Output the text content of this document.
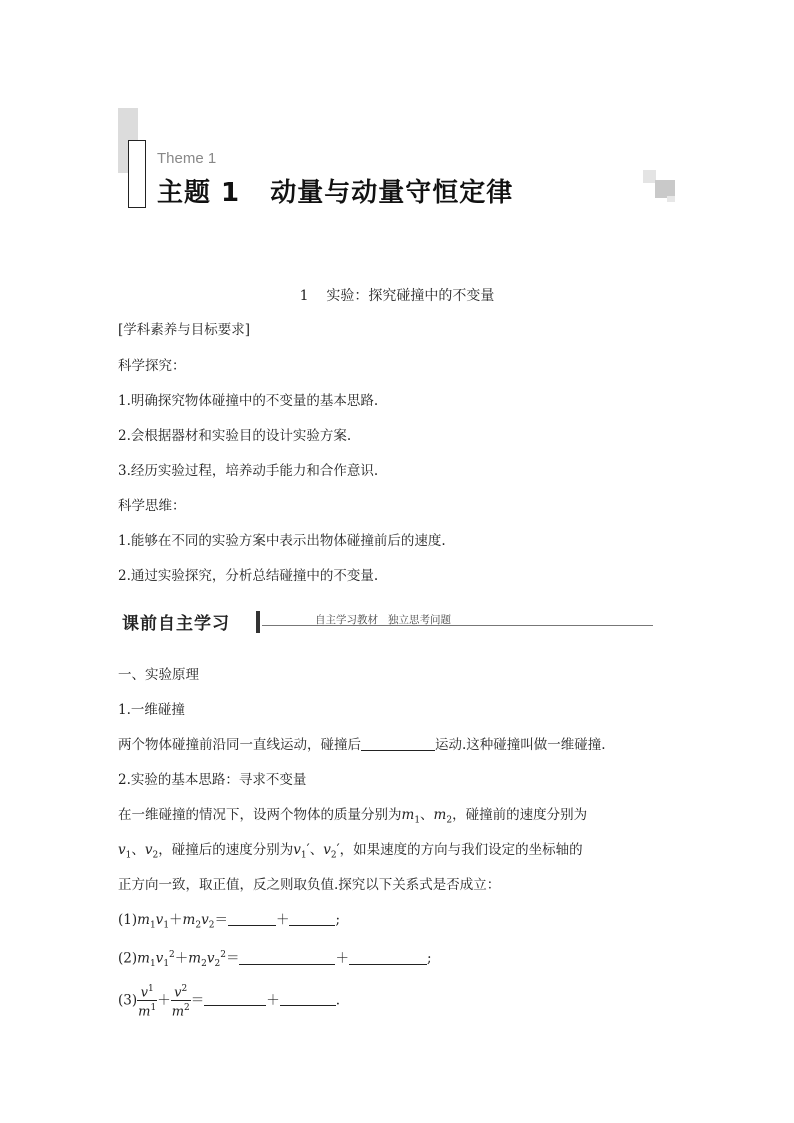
Theme 1
主题 1   动量与动量守恒定律
1    实验：探究碰撞中的不变量
[学科素养与目标要求]
科学探究：
1.明确探究物体碰撞中的不变量的基本思路.
2.会根据器材和实验目的设计实验方案.
3.经历实验过程，培养动手能力和合作意识.
科学思维：
1.能够在不同的实验方案中表示出物体碰撞前后的速度.
2.通过实验探究，分析总结碰撞中的不变量.
课前自主学习	自主学习教材   独立思考问题
一、实验原理
1.一维碰撞
两个物体碰撞前沿同一直线运动，碰撞后	运动.这种碰撞叫做一维碰撞.
2.实验的基本思路：寻求不变量
在一维碰撞的情况下，设两个物体的质量分别为$m_1$、$m_2$，碰撞前的速度分别为
$v_1$、$v_2$，碰撞后的速度分别为$v_1'$、$v_2'$，如果速度的方向与我们设定的坐标轴的
正方向一致，取正值，反之则取负值.探究以下关系式是否成立：
$(1)m_1v_1+m_2v_2=$	＋	;
$(2)m_1v_1^2+m_2v_2^2=$	＋	;
$(3) \frac{v^1}{m^1} + \frac{v^2}{m^2}$ ＝	＋	.
